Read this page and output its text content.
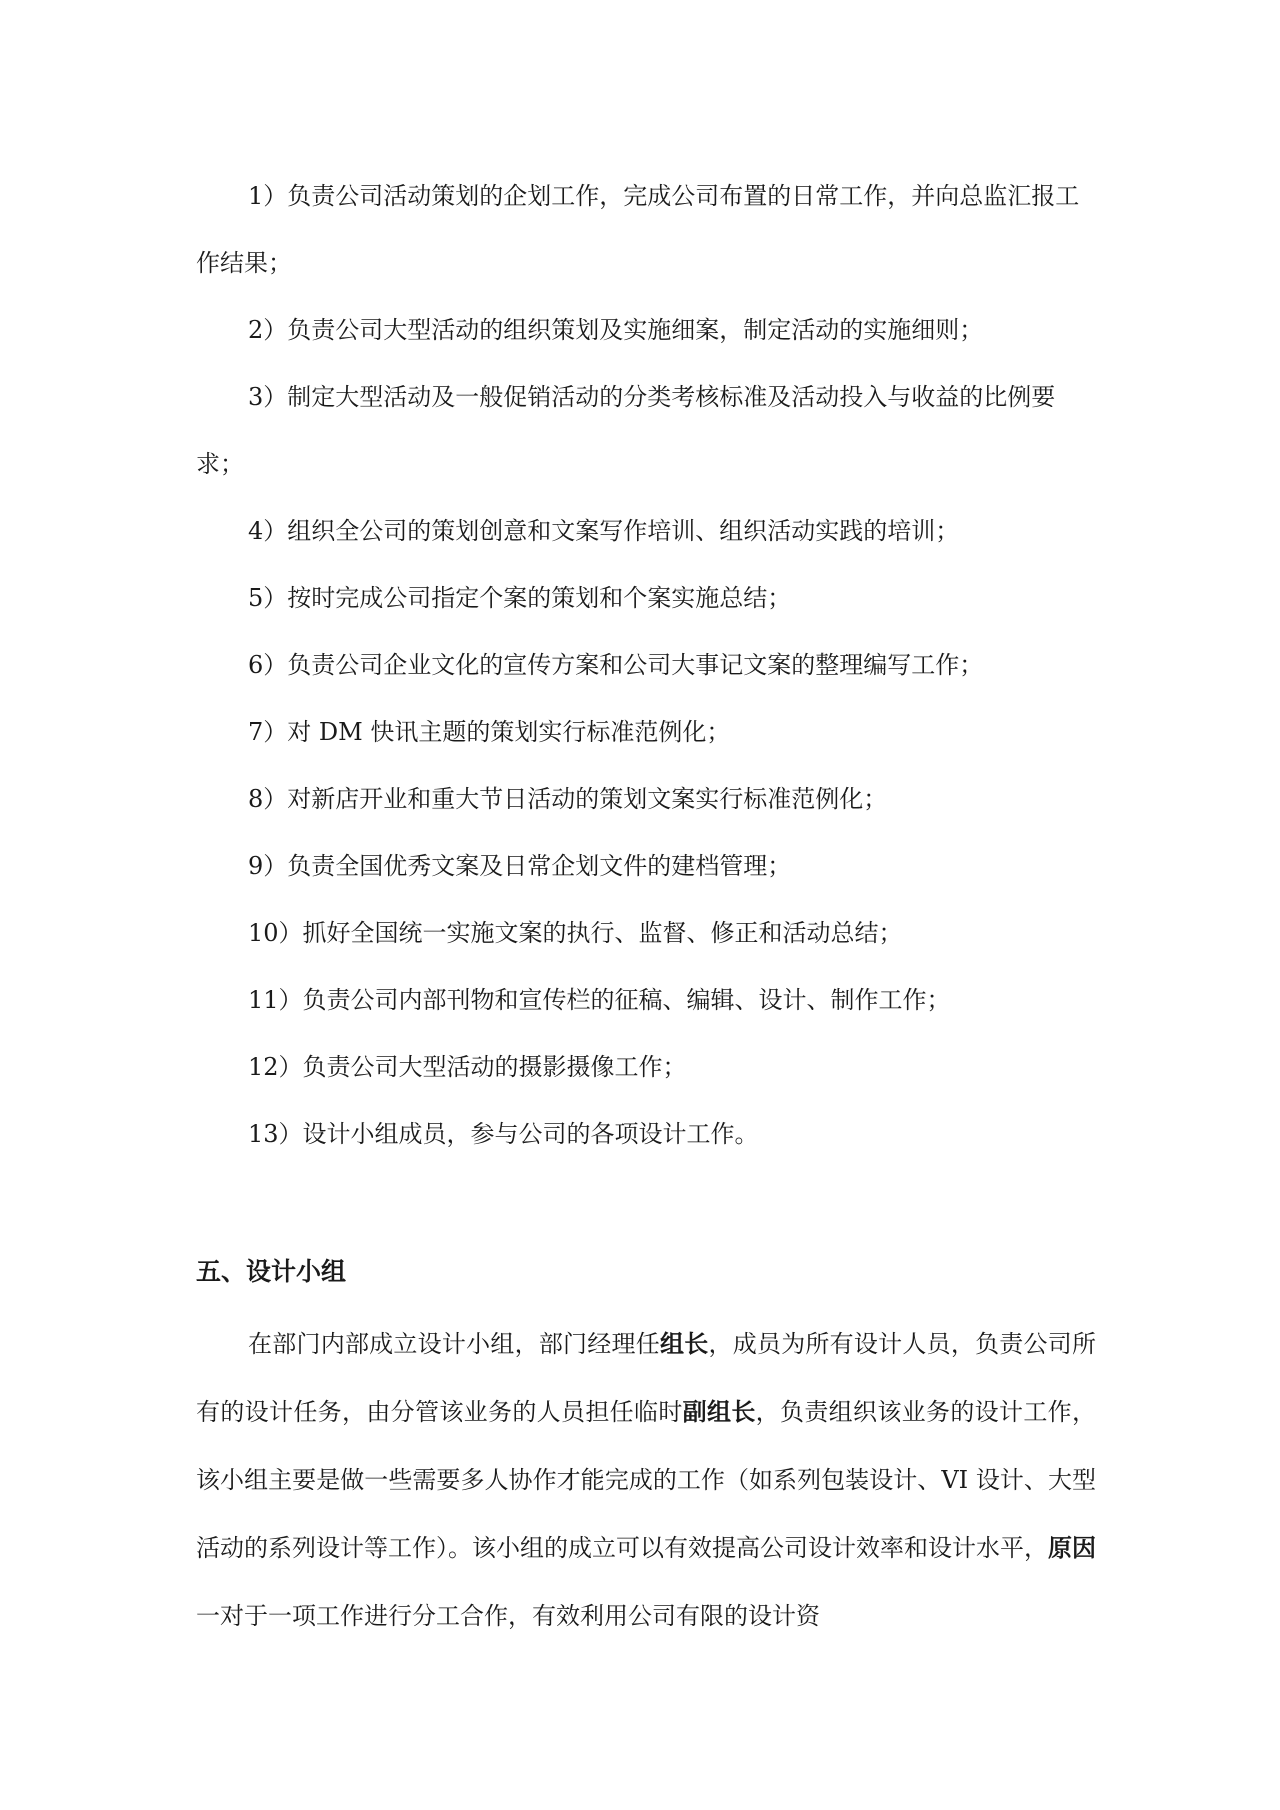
1）负责公司活动策划的企划工作，完成公司布置的日常工作，并向总监汇报工作结果；

2）负责公司大型活动的组织策划及实施细案，制定活动的实施细则；

3）制定大型活动及一般促销活动的分类考核标准及活动投入与收益的比例要求；

4）组织全公司的策划创意和文案写作培训、组织活动实践的培训；

5）按时完成公司指定个案的策划和个案实施总结；

6）负责公司企业文化的宣传方案和公司大事记文案的整理编写工作；

7）对 DM 快讯主题的策划实行标准范例化；

8）对新店开业和重大节日活动的策划文案实行标准范例化；

9）负责全国优秀文案及日常企划文件的建档管理；

10）抓好全国统一实施文案的执行、监督、修正和活动总结；

11）负责公司内部刊物和宣传栏的征稿、编辑、设计、制作工作；

12）负责公司大型活动的摄影摄像工作；

13）设计小组成员，参与公司的各项设计工作。

五、设计小组

在部门内部成立设计小组，部门经理任组长，成员为所有设计人员，负责公司所有的设计任务，由分管该业务的人员担任临时副组长，负责组织该业务的设计工作，该小组主要是做一些需要多人协作才能完成的工作（如系列包装设计、VI 设计、大型活动的系列设计等工作）。该小组的成立可以有效提高公司设计效率和设计水平，原因一对于一项工作进行分工合作，有效利用公司有限的设计资
